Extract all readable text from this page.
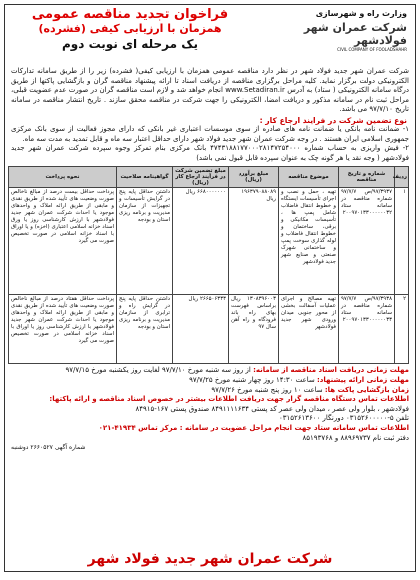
وزارت راه و شهرسازی
شرکت عمران شهر فولادشهر
CIVIL COMPANY OF FOOLADSHAHR
فراخوان تجدید مناقصه عمومی
همزمان با ارزیابی کیفی (فشرده)
یک مرحله ای نوبت دوم
شرکت عمران شهر جدید فولاد شهر در نظر دارد مناقصه عمومی همزمان با ارزیابی کیفی( فشرده) زیر را از طریق سامانه تدارکات الکترونیکی دولت برگزار نماید. کلیه مراحل برگزاری مناقصه از دریافت اسناد تا ارائه پیشنهاد مناقصه گران و بازگشایی پاکتها از طریق درگاه سامانه الکترونیکی ( ستاد) به آدرس www.Setadiran.ir انجام خواهد شد و لازم است مناقصه گران در صورت عدم عضویت قبلی، مراحل ثبت نام در سامانه مذکور و دریافت امضا، الکترونیکی را جهت شرکت در مناقصه محقق سازند . تاریخ انتشار مناقصه در سامانه تاریخ ۹۷/۷/۱۰ می باشد.
نوع تضمین شرکت در فرایند ارجاع کار :
۱- ضمانت نامه بانکی یا ضمانت نامه های صادره از سوی موسسات اعتباری غیر بانکی که دارای مجوز فعالیت از سوی بانک مرکزی جمهوری اسلامی ایران هستند . در وجه شرکت عمران شهر جدید فولاد شهر دارای حداقل اعتبار سه ماه و قابل تمدید به مدت سه ماه.
۲- فیش واریزی به حساب شماره ۴۷۴۳۱۸۸۱۷۷۰۰۰۲۸۱۴۷۲۵۴۰۰۰ بانک مرکزی بنام تمرکز وجوه سپرده شرکت عمران شهر جدید فولادشهر ( وجه نقد یا هر گونه چک به عنوان سپرده قابل قبول نمی باشد)
ردیف	شماره و تاریخ مناقصه	موضوع مناقصه	مبلغ برآورد (ریال)	مبلغ تضمین شرکت در فرآیند ارجاع کار (ریال)	گواهینامه صلاحیت	نحوه پرداخت
۱	۹۷/۳۹۳۷/ص ۹۷/۷/۷ شماره مناقصه در سامانه ستاد ۲۰۰۹۷۰۱۳۳۰۰۰۰۰۰۳۲	تهیه ، حمل و نصب و اجرای تأسیسات ایستگاه و خطوط انتقال فاضلاب شامل پمپ ها ، تأسیسات مکانیکی و برقی، ساختمان و خطوط انتقال فاضلاب و لوله گذاری سوخت پمپ و ساختمانی شهرک صنعتی و صنایع شهر جدید فولادشهر	۱۹۶۳۷۹۰۸۸۰۸۹ ریال	۶۶۸۰۰۰۰۰۰۰ ریال	داشتن حداقل پایه پنج در گرایش تأسیسات و تجهیزات از سازمان مدیریت و برنامه ریزی استان و بودجه	پرداخت حداقل بیست درصد از مبالغ ناخالص صورت وضعیت های تأیید شده از طریق نقدی و مابقی از طریق ارائه املاک و واحدهای موجود یا احداث شرکت عمران شهر جدید فولادشهر با ارزش کارشناسی روز یا ورق اسناد خزانه اسلامی اعتباری (اخزه) و یا اوراق با اسناد خزانه اسلامی در صورت تخصیص صورت می گیرد
۲	۹۷/۳۹۳۸/ص ۹۷/۷/۷ شماره مناقصه در سامانه ستاد ۲۰۰۹۷۰۱۳۳۰۰۰۰۰۰۳۳	تهیه مصالح و اجرای عملیات آسفالت بخشی از محور جنوبی میدان ورودی شهر جدید فولادشهر	۱۳۰۸۳۹۶۰۰۳ ریال براساس فهرست بهای راه باند فرودگاه و راه آهن سال ۹۷	۲۶۶۵۰۶۳۳۳ ریال	داشتن حداقل پایه پنج در گرایش راه و ترابری از سازمان مدیریت و برنامه ریزی استان و بودجه	پرداخت حداقل هفتاد درصد از مبالغ ناخالص صورت وضعیت های تأیید شده از طریق نقدی و مابقی از طریق ارائه املاک و واحدهای موجود یا احداث شرکت عمران شهر جدید فولادشهر با ارزش کارشناسی روز یا اوراق با اسناد خزانه اسلامی در صورت تخصیص صورت می گیرد
مهلت زمانی دریافت اسناد مناقصه از سامانه: از روز سه شنبه مورخ ۹۷/۷/۱۰ لغایت روز یکشنبه مورخ ۹۷/۷/۱۵
مهلت زمانی ارائه پیشنهاد: ساعت ۱۴:۳۰ روز چهار شنبه مورخ ۹۷/۷/۲۵
زمان بازگشایی پاکت ها: ساعت ۱۰ روز پنج شنبه مورخ ۹۷/۷/۲۶
اطلاعات تماس دستگاه مناقصه گزار جهت دریافت اطلاعات بیشتر در خصوص اسناد مناقصه و ارائه پاکتها:
فولادشهر ، بلوار ولی عصر ، میدان ولی عصر کد پستی ۸۴۹۱۱۱۱۶۳۴ صندوق پستی ۱۶۷-۸۴۹۱۵
تلفن ۵-۰۳۱۵۲۶۰۰۰۰۰ دورنگار ۰۳۱۵۲۶۱۳۶۰۰
اطلاعات تماس سامانه ستاد جهت انجام مراحل عضویت در سامانه : مرکز تماس ۴۱۹۳۴-۰۲۱
دفتر ثبت نام ۸۸۹۶۹۷۳۷ و ۸۵۱۹۳۷۶۸
شماره آگهی ۲۶۶۰۵۲۷ دوشنبه
شرکت عمران شهر جدید فولاد شهر
